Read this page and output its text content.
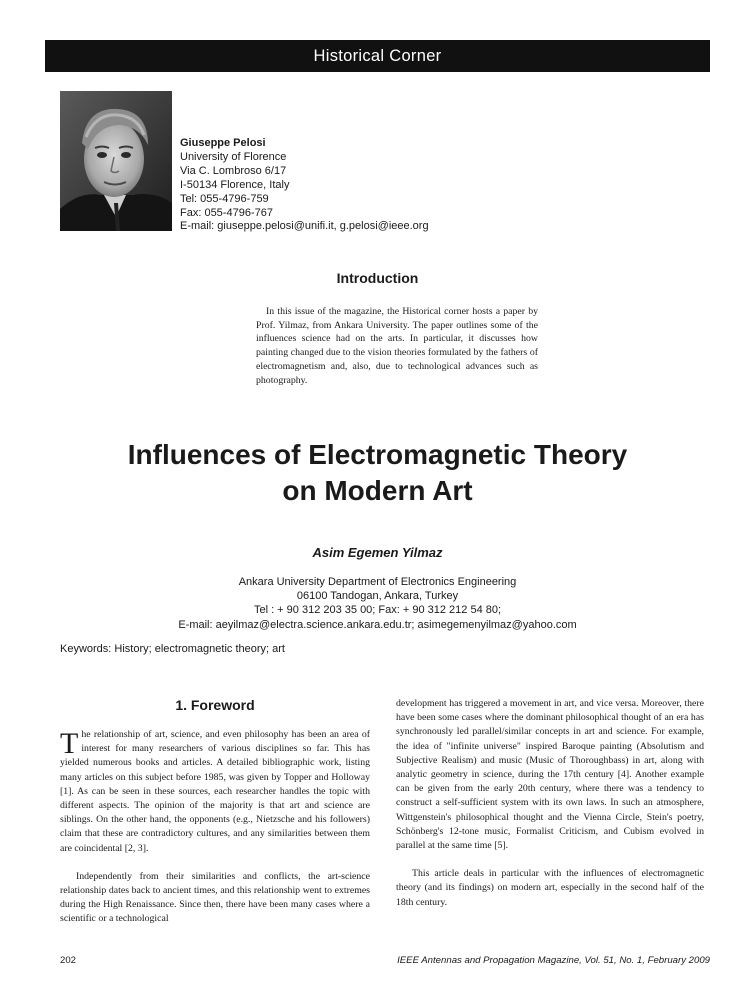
Historical Corner
Giuseppe Pelosi
University of Florence
Via C. Lombroso 6/17
I-50134 Florence, Italy
Tel: 055-4796-759
Fax: 055-4796-767
E-mail: giuseppe.pelosi@unifi.it, g.pelosi@ieee.org
Introduction
In this issue of the magazine, the Historical corner hosts a paper by Prof. Yilmaz, from Ankara University. The paper outlines some of the influences science had on the arts. In particular, it discusses how painting changed due to the vision theories formulated by the fathers of electromagnetism and, also, due to technological advances such as photography.
Influences of Electromagnetic Theory
on Modern Art
Asim Egemen Yilmaz
Ankara University Department of Electronics Engineering
06100 Tandogan, Ankara, Turkey
Tel : + 90 312 203 35 00; Fax: + 90 312 212 54 80;
E-mail: aeyilmaz@electra.science.ankara.edu.tr; asimegemenyilmaz@yahoo.com
Keywords: History; electromagnetic theory; art
1. Foreword

The relationship of art, science, and even philosophy has been an area of interest for many researchers of various disciplines so far. This has yielded numerous books and articles. A detailed bibliographic work, listing many articles on this subject before 1985, was given by Topper and Holloway [1]. As can be seen in these sources, each researcher handles the topic with different aspects. The opinion of the majority is that art and science are siblings. On the other hand, the opponents (e.g., Nietzsche and his followers) claim that these are contradictory cultures, and any similarities between them are coincidental [2, 3].

Independently from their similarities and conflicts, the art-science relationship dates back to ancient times, and this relationship went to extremes during the High Renaissance. Since then, there have been many cases where a scientific or a technological

development has triggered a movement in art, and vice versa. Moreover, there have been some cases where the dominant philosophical thought of an era has synchronously led parallel/similar concepts in art and science. For example, the idea of "infinite universe" inspired Baroque painting (Absolutism and Subjective Realism) and music (Music of Thoroughbass) in art, along with analytic geometry in science, during the 17th century [4]. Another example can be given from the early 20th century, where there was a tendency to construct a self-sufficient system with its own laws. In such an atmosphere, Wittgenstein's philosophical thought and the Vienna Circle, Stein's poetry, Schönberg's 12-tone music, Formalist Criticism, and Cubism evolved in parallel at the same time [5].

This article deals in particular with the influences of electromagnetic theory (and its findings) on modern art, especially in the second half of the 18th century.

202	IEEE Antennas and Propagation Magazine, Vol. 51, No. 1, February 2009
